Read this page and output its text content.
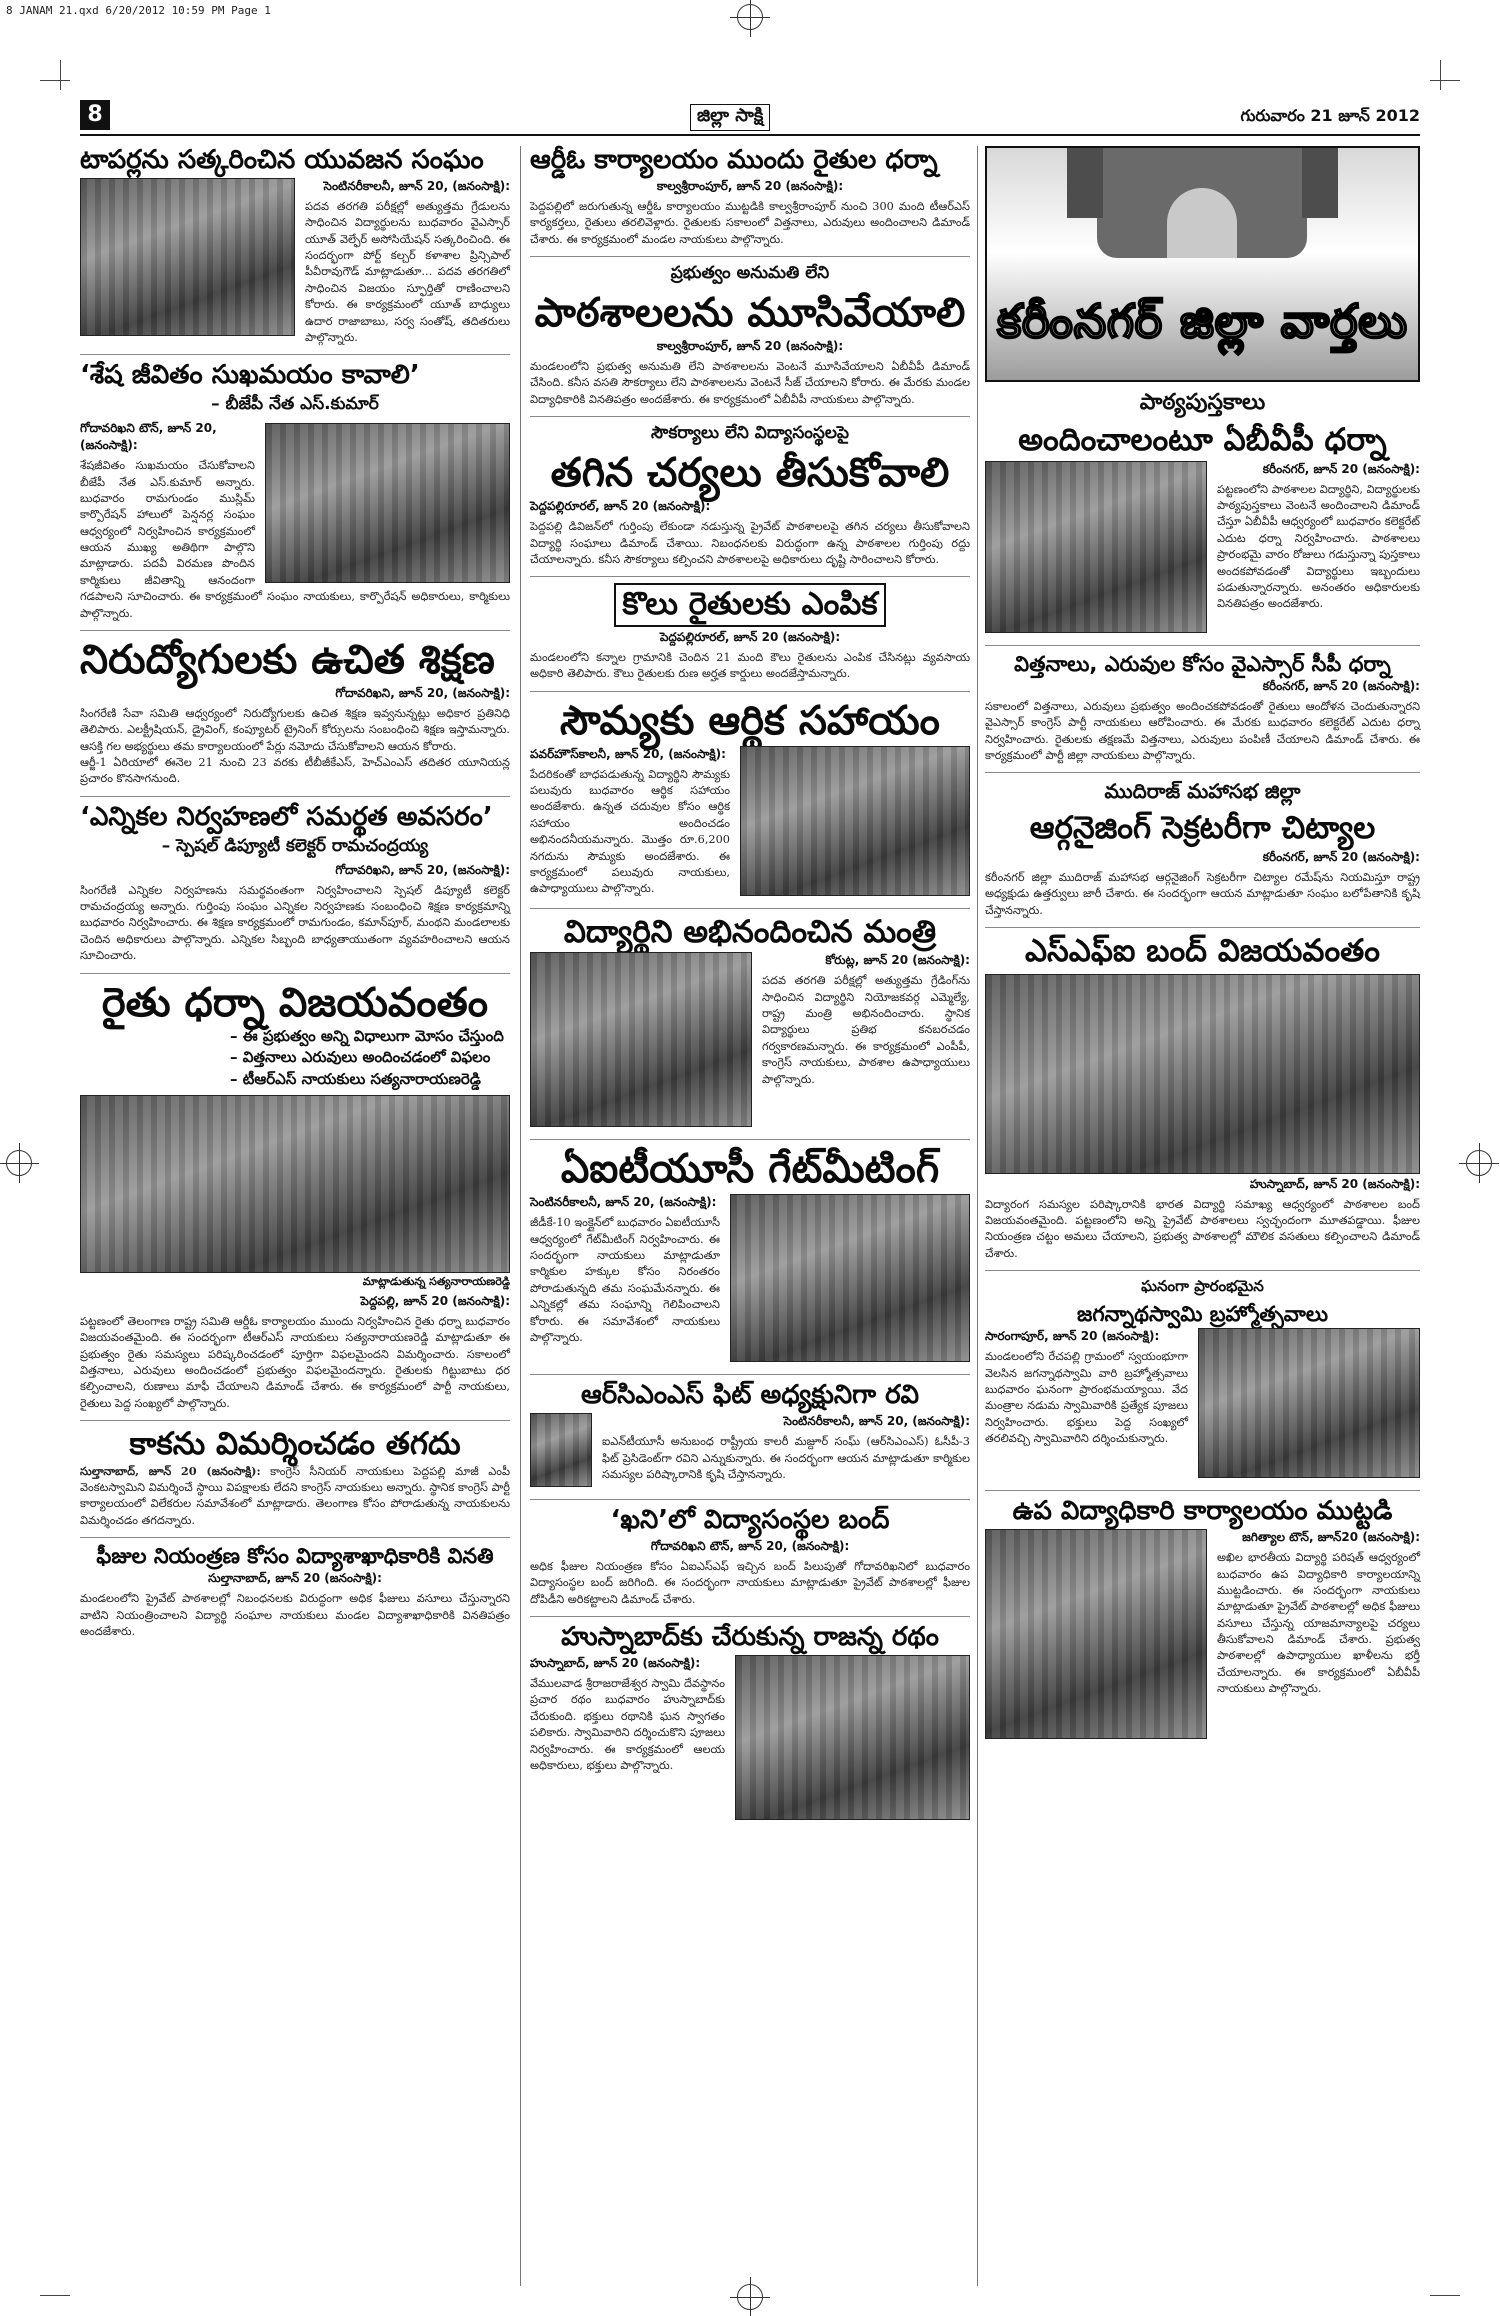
8 JANAM 21.qxd 6/20/2012 10:59 PM Page 1
8	జిల్లా సాక్షి	గురువారం 21 జూన్ 2012
టాపర్లను సత్కరించిన యువజన సంఘం
సెంటినరీకాలనీ, జూన్ 20, (జనంసాక్షి):
పదవ తరగతి పరీక్షల్లో అత్యుత్తమ గ్రేడులను సాధించిన విద్యార్థులను బుధవారం వైఎస్సార్ యూత్ వెల్ఫేర్ అసోసియేషన్ సత్కరించింది. ఈ సందర్భంగా పోర్ట్ కల్చర్ కళాశాల ప్రిన్సిపాల్ పీవీరావుగౌడ్ మాట్లాడుతూ... పదవ తరగతిలో సాధించిన విజయం స్ఫూర్తితో రాణించాలని కోరారు. ఈ కార్యక్రమంలో యూత్ బాధ్యులు ఉదార రాజాబాబు, సర్వ సంతోష్, తదితరులు పాల్గొన్నారు.
‘శేష జీవితం సుఖమయం కావాలి’
– బీజేపీ నేత ఎస్.కుమార్
గోదావరిఖని టౌన్, జూన్ 20, (జనంసాక్షి):
శేషజీవితం సుఖమయం చేసుకోవాలని బీజేపీ నేత ఎస్.కుమార్ అన్నారు. బుధవారం రామగుండం ముస్లిమ్ కార్పొరేషన్ హాలులో పెన్షనర్ల సంఘం ఆధ్వర్యంలో నిర్వహించిన కార్యక్రమంలో ఆయన ముఖ్య అతిథిగా పాల్గొని మాట్లాడారు. పదవీ విరమణ పొందిన కార్మికులు జీవితాన్ని ఆనందంగా గడపాలని సూచించారు. ఈ కార్యక్రమంలో సంఘం నాయకులు, కార్పొరేషన్ అధికారులు, కార్మికులు పాల్గొన్నారు.
నిరుద్యోగులకు ఉచిత శిక్షణ
గోదావరిఖని, జూన్ 20, (జనంసాక్షి):
సింగరేణి సేవా సమితి ఆధ్వర్యంలో నిరుద్యోగులకు ఉచిత శిక్షణ ఇవ్వనున్నట్లు అధికార ప్రతినిధి తెలిపారు. ఎలక్ట్రీషియన్, డ్రైవింగ్, కంప్యూటర్ ట్రైనింగ్ కోర్సులను సంబంధించి శిక్షణ ఇస్తామన్నారు. ఆసక్తి గల అభ్యర్థులు తమ కార్యాలయంలో పేర్లు నమోదు చేసుకోవాలని ఆయన కోరారు.
ఆర్జీ-1 ఏరియాలో ఈనెల 21 నుంచి 23 వరకు టీబీజీకేఎస్, హెచ్ఎంఎస్ తదితర యూనియన్ల ప్రచారం కొనసాగనుంది.
‘ఎన్నికల నిర్వహణలో సమర్థత అవసరం’
– స్పెషల్ డిప్యూటీ కలెక్టర్ రామచంద్రయ్య
గోదావరిఖని, జూన్ 20, (జనంసాక్షి):
సింగరేణి ఎన్నికల నిర్వహణను సమర్థవంతంగా నిర్వహించాలని స్పెషల్ డిప్యూటీ కలెక్టర్ రామచంద్రయ్య అన్నారు. గుర్తింపు సంఘం ఎన్నికల నిర్వహణకు సంబంధించి శిక్షణ కార్యక్రమాన్ని బుధవారం నిర్వహించారు. ఈ శిక్షణ కార్యక్రమంలో రామగుండం, కమాన్‌పూర్, మంథని మండలాలకు చెందిన అధికారులు పాల్గొన్నారు. ఎన్నికల సిబ్బంది బాధ్యతాయుతంగా వ్యవహరించాలని ఆయన సూచించారు.
రైతు ధర్నా విజయవంతం
– ఈ ప్రభుత్వం అన్ని విధాలుగా మోసం చేస్తుంది
– విత్తనాలు ఎరువులు అందించడంలో విఫలం
– టీఆర్ఎస్ నాయకులు సత్యనారాయణరెడ్డి
మాట్లాడుతున్న సత్యనారాయణరెడ్డి
పెద్దపల్లి, జూన్ 20 (జనంసాక్షి):
పట్టణంలో తెలంగాణ రాష్ట్ర సమితి ఆర్డీఓ కార్యాలయం ముందు నిర్వహించిన రైతు ధర్నా బుధవారం విజయవంతమైంది. ఈ సందర్భంగా టీఆర్ఎస్ నాయకులు సత్యనారాయణరెడ్డి మాట్లాడుతూ ఈ ప్రభుత్వం రైతు సమస్యలు పరిష్కరించడంలో పూర్తిగా విఫలమైందని విమర్శించారు. సకాలంలో విత్తనాలు, ఎరువులు అందించడంలో ప్రభుత్వం విఫలమైందన్నారు. రైతులకు గిట్టుబాటు ధర కల్పించాలని, రుణాలు మాఫీ చేయాలని డిమాండ్ చేశారు. ఈ కార్యక్రమంలో పార్టీ నాయకులు, రైతులు పెద్ద సంఖ్యలో పాల్గొన్నారు.
కాకను విమర్శించడం తగదు
సుల్తానాబాద్, జూన్ 20 (జనంసాక్షి): కాంగ్రెస్ సీనియర్ నాయకులు పెద్దపల్లి మాజీ ఎంపీ వెంకటస్వామిని విమర్శించే స్థాయి విపక్షాలకు లేదని కాంగ్రెస్ నాయకులు అన్నారు. స్థానిక కాంగ్రెస్ పార్టీ కార్యాలయంలో విలేకరుల సమావేశంలో మాట్లాడారు. తెలంగాణ కోసం పోరాడుతున్న నాయకులను విమర్శించడం తగదన్నారు.
ఫీజుల నియంత్రణ కోసం విద్యాశాఖాధికారికి వినతి
సుల్తానాబాద్, జూన్ 20 (జనంసాక్షి):
మండలంలోని ప్రైవేట్ పాఠశాలల్లో నిబంధనలకు విరుద్ధంగా అధిక ఫీజులు వసూలు చేస్తున్నారని వాటిని నియంత్రించాలని విద్యార్థి సంఘాల నాయకులు మండల విద్యాశాఖాధికారికి వినతిపత్రం అందజేశారు.
ఆర్డీఓ కార్యాలయం ముందు రైతుల ధర్నా
కాల్వశ్రీరాంపూర్, జూన్ 20 (జనంసాక్షి):
పెద్దపల్లిలో జరుగుతున్న ఆర్డీఓ కార్యాలయం ముట్టడికి కాల్వశ్రీరాంపూర్ నుంచి 300 మంది టీఆర్ఎస్ కార్యకర్తలు, రైతులు తరలివెళ్లారు. రైతులకు సకాలంలో విత్తనాలు, ఎరువులు అందించాలని డిమాండ్ చేశారు. ఈ కార్యక్రమంలో మండల నాయకులు పాల్గొన్నారు.
ప్రభుత్వం అనుమతి లేని
పాఠశాలలను మూసివేయాలి
కాల్వశ్రీరాంపూర్, జూన్ 20 (జనంసాక్షి):
మండలంలోని ప్రభుత్వ అనుమతి లేని పాఠశాలలను వెంటనే మూసివేయాలని ఏబీవీపీ డిమాండ్ చేసింది. కనీస వసతి సౌకర్యాలు లేని పాఠశాలలను వెంటనే సీజ్ చేయాలని కోరారు. ఈ మేరకు మండల విద్యాధికారికి వినతిపత్రం అందజేశారు. ఈ కార్యక్రమంలో ఏబీవీపీ నాయకులు పాల్గొన్నారు.
సౌకర్యాలు లేని విద్యాసంస్థలపై
తగిన చర్యలు తీసుకోవాలి
పెద్దపల్లిరూరల్, జూన్ 20 (జనంసాక్షి):
పెద్దపల్లి డివిజన్‌లో గుర్తింపు లేకుండా నడుస్తున్న ప్రైవేట్ పాఠశాలలపై తగిన చర్యలు తీసుకోవాలని విద్యార్థి సంఘాలు డిమాండ్ చేశాయి. నిబంధనలకు విరుద్ధంగా ఉన్న పాఠశాలల గుర్తింపు రద్దు చేయాలన్నారు. కనీస సౌకర్యాలు కల్పించని పాఠశాలలపై అధికారులు దృష్టి సారించాలని కోరారు.
కొలు రైతులకు ఎంపిక
పెద్దపల్లిరూరల్, జూన్ 20 (జనంసాక్షి):
మండలంలోని కన్నాల గ్రామానికి చెందిన 21 మంది కౌలు రైతులను ఎంపిక చేసినట్లు వ్యవసాయ అధికారి తెలిపారు. కౌలు రైతులకు రుణ అర్హత కార్డులు అందజేస్తామన్నారు.
సౌమ్యకు ఆర్థిక సహాయం
పవర్‌హౌస్‌కాలనీ, జూన్ 20, (జనంసాక్షి):
పేదరికంతో బాధపడుతున్న విద్యార్థిని సౌమ్యకు పలువురు బుధవారం ఆర్థిక సహాయం అందజేశారు. ఉన్నత చదువుల కోసం ఆర్థిక సహాయం అందించడం అభినందనీయమన్నారు. మొత్తం రూ.6,200 నగదును సౌమ్యకు అందజేశారు. ఈ కార్యక్రమంలో పలువురు నాయకులు, ఉపాధ్యాయులు పాల్గొన్నారు.
విద్యార్థిని అభినందించిన మంత్రి
కోరుట్ల, జూన్ 20 (జనంసాక్షి):
పదవ తరగతి పరీక్షల్లో అత్యుత్తమ గ్రేడింగ్‌ను సాధించిన విద్యార్థిని నియోజకవర్గ ఎమ్మెల్యే, రాష్ట్ర మంత్రి అభినందించారు. స్థానిక విద్యార్థులు ప్రతిభ కనబరచడం గర్వకారణమన్నారు. ఈ కార్యక్రమంలో ఎంపీపీ, కాంగ్రెస్ నాయకులు, పాఠశాల ఉపాధ్యాయులు పాల్గొన్నారు.
ఏఐటీయూసీ గేట్‌మీటింగ్
సెంటినరీకాలనీ, జూన్ 20, (జనంసాక్షి):
జీడీకే-10 ఇంక్లైన్‌లో బుధవారం ఏఐటీయూసీ ఆధ్వర్యంలో గేట్‌మీటింగ్ నిర్వహించారు. ఈ సందర్భంగా నాయకులు మాట్లాడుతూ కార్మికుల హక్కుల కోసం నిరంతరం పోరాడుతున్నది తమ సంఘమేనన్నారు. ఈ ఎన్నికల్లో తమ సంఘాన్ని గెలిపించాలని కోరారు. ఈ సమావేశంలో నాయకులు పాల్గొన్నారు.
ఆర్‌సిఎంఎస్ ఫిట్ అధ్యక్షునిగా రవి
సెంటినరీకాలనీ, జూన్ 20, (జనంసాక్షి):
ఐఎన్‌టీయూసీ అనుబంధ రాష్ట్రీయ కాలరీ మజ్దూర్ సంఘ్ (ఆర్‌సిఎంఎస్) ఓసీపీ-3 ఫిట్ ప్రెసిడెంట్‌గా రవిని ఎన్నుకున్నారు. ఈ సందర్భంగా ఆయన మాట్లాడుతూ కార్మికుల సమస్యల పరిష్కారానికి కృషి చేస్తానన్నారు.
‘ఖని’లో విద్యాసంస్థల బంద్
గోదావరిఖని టౌన్, జూన్ 20, (జనంసాక్షి):
అధిక ఫీజుల నియంత్రణ కోసం ఏఐఎస్ఎఫ్ ఇచ్చిన బంద్ పిలుపుతో గోదావరిఖనిలో బుధవారం విద్యాసంస్థల బంద్ జరిగింది. ఈ సందర్భంగా నాయకులు మాట్లాడుతూ ప్రైవేట్ పాఠశాలల్లో ఫీజుల దోపిడీని అరికట్టాలని డిమాండ్ చేశారు.
హుస్నాబాద్‌కు చేరుకున్న రాజన్న రథం
హుస్నాబాద్, జూన్ 20 (జనంసాక్షి):
వేములవాడ శ్రీరాజరాజేశ్వర స్వామి దేవస్థానం ప్రచార రథం బుధవారం హుస్నాబాద్‌కు చేరుకుంది. భక్తులు రథానికి ఘన స్వాగతం పలికారు. స్వామివారిని దర్శించుకొని పూజలు నిర్వహించారు. ఈ కార్యక్రమంలో ఆలయ అధికారులు, భక్తులు పాల్గొన్నారు.
కరీంనగర్ జిల్లా వార్తలు
పాఠ్యపుస్తకాలు
అందించాలంటూ ఏబీవీపీ ధర్నా
కరీంనగర్, జూన్ 20 (జనంసాక్షి):
పట్టణంలోని పాఠశాలల విద్యార్థిని, విద్యార్థులకు పాఠ్యపుస్తకాలు వెంటనే అందించాలని డిమాండ్ చేస్తూ ఏబీవీపీ ఆధ్వర్యంలో బుధవారం కలెక్టరేట్ ఎదుట ధర్నా నిర్వహించారు. పాఠశాలలు ప్రారంభమై వారం రోజులు గడుస్తున్నా పుస్తకాలు అందకపోవడంతో విద్యార్థులు ఇబ్బందులు పడుతున్నారన్నారు. అనంతరం అధికారులకు వినతిపత్రం అందజేశారు.
విత్తనాలు, ఎరువుల కోసం వైఎస్సార్ సీపీ ధర్నా
కరీంనగర్, జూన్ 20 (జనంసాక్షి):
సకాలంలో విత్తనాలు, ఎరువులు ప్రభుత్వం అందించకపోవడంతో రైతులు ఆందోళన చెందుతున్నారని వైఎస్సార్ కాంగ్రెస్ పార్టీ నాయకులు ఆరోపించారు. ఈ మేరకు బుధవారం కలెక్టరేట్ ఎదుట ధర్నా నిర్వహించారు. రైతులకు తక్షణమే విత్తనాలు, ఎరువులు పంపిణీ చేయాలని డిమాండ్ చేశారు. ఈ కార్యక్రమంలో పార్టీ జిల్లా నాయకులు పాల్గొన్నారు.
ముదిరాజ్ మహాసభ జిల్లా
ఆర్గనైజింగ్ సెక్రటరీగా చిట్యాల
కరీంనగర్, జూన్ 20 (జనంసాక్షి):
కరీంనగర్ జిల్లా ముదిరాజ్ మహాసభ ఆర్గనైజింగ్ సెక్రటరీగా చిట్యాల రమేష్‌ను నియమిస్తూ రాష్ట్ర అధ్యక్షుడు ఉత్తర్వులు జారీ చేశారు. ఈ సందర్భంగా ఆయన మాట్లాడుతూ సంఘం బలోపేతానికి కృషి చేస్తానన్నారు.
ఎస్ఎఫ్ఐ బంద్ విజయవంతం
హుస్నాబాద్, జూన్ 20 (జనంసాక్షి):
విద్యారంగ సమస్యల పరిష్కారానికి భారత విద్యార్థి సమాఖ్య ఆధ్వర్యంలో పాఠశాలల బంద్ విజయవంతమైంది. పట్టణంలోని అన్ని ప్రైవేట్ పాఠశాలలు స్వచ్ఛందంగా మూతపడ్డాయి. ఫీజుల నియంత్రణ చట్టం అమలు చేయాలని, ప్రభుత్వ పాఠశాలల్లో మౌలిక వసతులు కల్పించాలని డిమాండ్ చేశారు.
ఘనంగా ప్రారంభమైన
జగన్నాథస్వామి బ్రహ్మోత్సవాలు
సారంగాపూర్, జూన్ 20 (జనంసాక్షి):
మండలంలోని రేచపల్లి గ్రామంలో స్వయంభూగా వెలసిన జగన్నాథస్వామి వారి బ్రహ్మోత్సవాలు బుధవారం ఘనంగా ప్రారంభమయ్యాయి. వేద మంత్రాల నడుమ స్వామివారికి ప్రత్యేక పూజలు నిర్వహించారు. భక్తులు పెద్ద సంఖ్యలో తరలివచ్చి స్వామివారిని దర్శించుకున్నారు.
ఉప విద్యాధికారి కార్యాలయం ముట్టడి
జగిత్యాల టౌన్, జూన్20 (జనంసాక్షి):
అఖిల భారతీయ విద్యార్థి పరిషత్ ఆధ్వర్యంలో బుధవారం ఉప విద్యాధికారి కార్యాలయాన్ని ముట్టడించారు. ఈ సందర్భంగా నాయకులు మాట్లాడుతూ ప్రైవేట్ పాఠశాలల్లో అధిక ఫీజులు వసూలు చేస్తున్న యాజమాన్యాలపై చర్యలు తీసుకోవాలని డిమాండ్ చేశారు. ప్రభుత్వ పాఠశాలల్లో ఉపాధ్యాయుల ఖాళీలను భర్తీ చేయాలన్నారు. ఈ కార్యక్రమంలో ఏబీవీపీ నాయకులు పాల్గొన్నారు.
